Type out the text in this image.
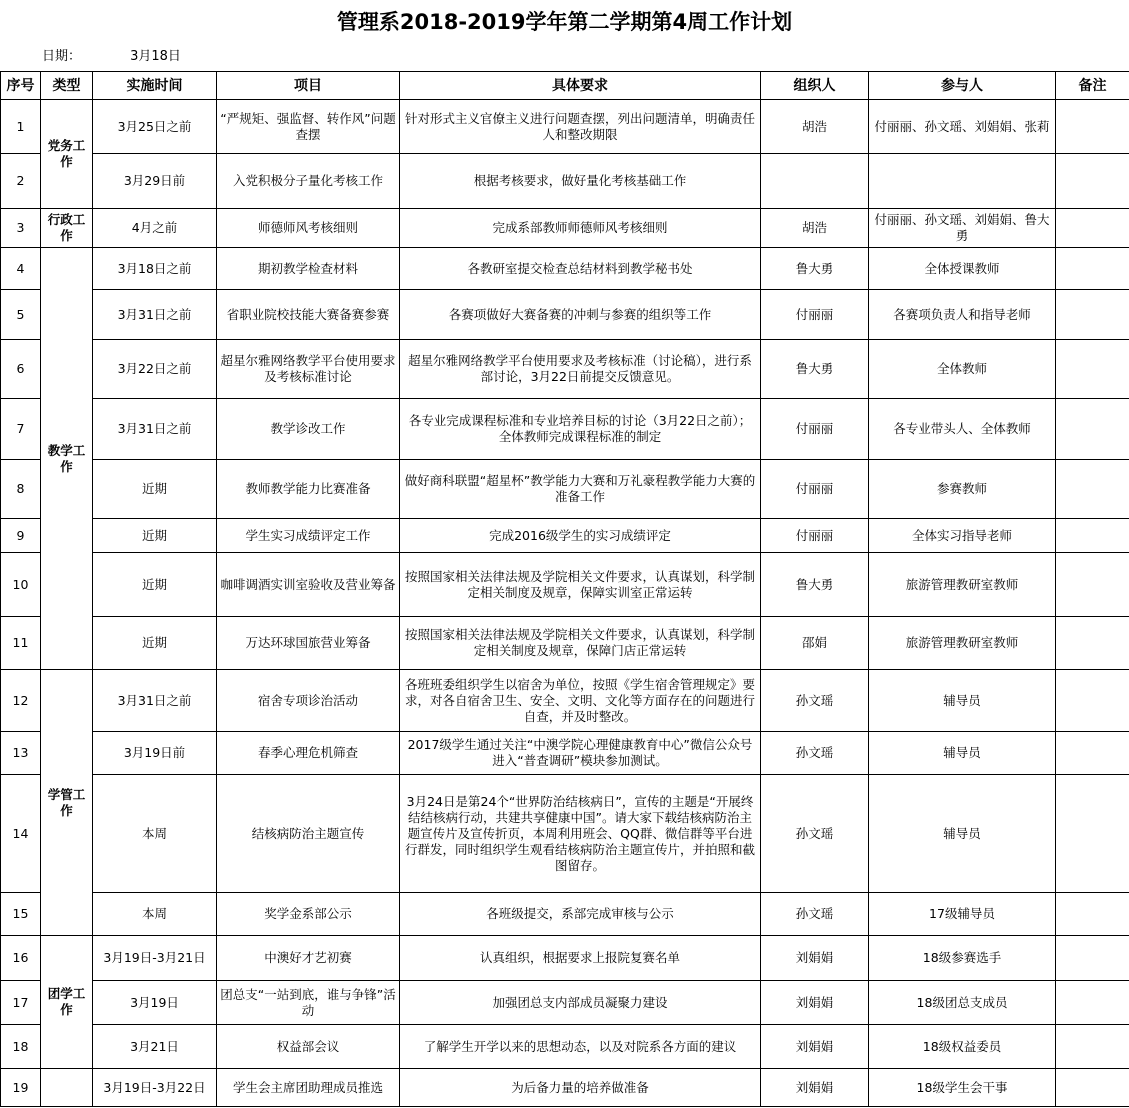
管理系2018-2019学年第二学期第4周工作计划
日期：	3月18日
序号	类型	实施时间	项目	具体要求	组织人	参与人	备注
1	党务工作	3月25日之前	“严规矩、强监督、转作风”问题查摆	针对形式主义官僚主义进行问题查摆，列出问题清单，明确责任人和整改期限	胡浩	付丽丽、孙文瑶、刘娟娟、张莉	
2		3月29日前	入党积极分子量化考核工作	根据考核要求，做好量化考核基础工作			
3	行政工作	4月之前	师德师风考核细则	完成系部教师师德师风考核细则	胡浩	付丽丽、孙文瑶、刘娟娟、鲁大勇	
4	教学工作	3月18日之前	期初教学检查材料	各教研室提交检查总结材料到教学秘书处	鲁大勇	全体授课教师	
5		3月31日之前	省职业院校技能大赛备赛参赛	各赛项做好大赛备赛的冲刺与参赛的组织等工作	付丽丽	各赛项负责人和指导老师	
6		3月22日之前	超星尔雅网络教学平台使用要求及考核标准讨论	超星尔雅网络教学平台使用要求及考核标准（讨论稿），进行系部讨论，3月22日前提交反馈意见。	鲁大勇	全体教师	
7		3月31日之前	教学诊改工作	各专业完成课程标准和专业培养目标的讨论（3月22日之前）；全体教师完成课程标准的制定	付丽丽	各专业带头人、全体教师	
8		近期	教师教学能力比赛准备	做好商科联盟“超星杯”教学能力大赛和万礼豪程教学能力大赛的准备工作	付丽丽	参赛教师	
9		近期	学生实习成绩评定工作	完成2016级学生的实习成绩评定	付丽丽	全体实习指导老师	
10		近期	咖啡调酒实训室验收及营业筹备	按照国家相关法律法规及学院相关文件要求，认真谋划，科学制定相关制度及规章，保障实训室正常运转	鲁大勇	旅游管理教研室教师	
11		近期	万达环球国旅营业筹备	按照国家相关法律法规及学院相关文件要求，认真谋划，科学制定相关制度及规章，保障门店正常运转	邵娟	旅游管理教研室教师	
12	学管工作	3月31日之前	宿舍专项诊治活动	各班班委组织学生以宿舍为单位，按照《学生宿舍管理规定》要求，对各自宿舍卫生、安全、文明、文化等方面存在的问题进行自查，并及时整改。	孙文瑶	辅导员	
13		3月19日前	春季心理危机筛查	2017级学生通过关注“中澳学院心理健康教育中心”微信公众号进入“普查调研”模块参加测试。	孙文瑶	辅导员	
14		本周	结核病防治主题宣传	3月24日是第24个“世界防治结核病日”，宣传的主题是“开展终结结核病行动，共建共享健康中国”。请大家下载结核病防治主题宣传片及宣传折页，本周利用班会、QQ群、微信群等平台进行群发，同时组织学生观看结核病防治主题宣传片，并拍照和截图留存。	孙文瑶	辅导员	
15		本周	奖学金系部公示	各班级提交，系部完成审核与公示	孙文瑶	17级辅导员	
16	团学工作	3月19日-3月21日	中澳好才艺初赛	认真组织，根据要求上报院复赛名单	刘娟娟	18级参赛选手	
17		3月19日	团总支“一站到底，谁与争锋”活动	加强团总支内部成员凝聚力建设	刘娟娟	18级团总支成员	
18		3月21日	权益部会议	了解学生开学以来的思想动态，以及对院系各方面的建议	刘娟娟	18级权益委员	
19		3月19日-3月22日	学生会主席团助理成员推选	为后备力量的培养做准备	刘娟娟	18级学生会干事	
